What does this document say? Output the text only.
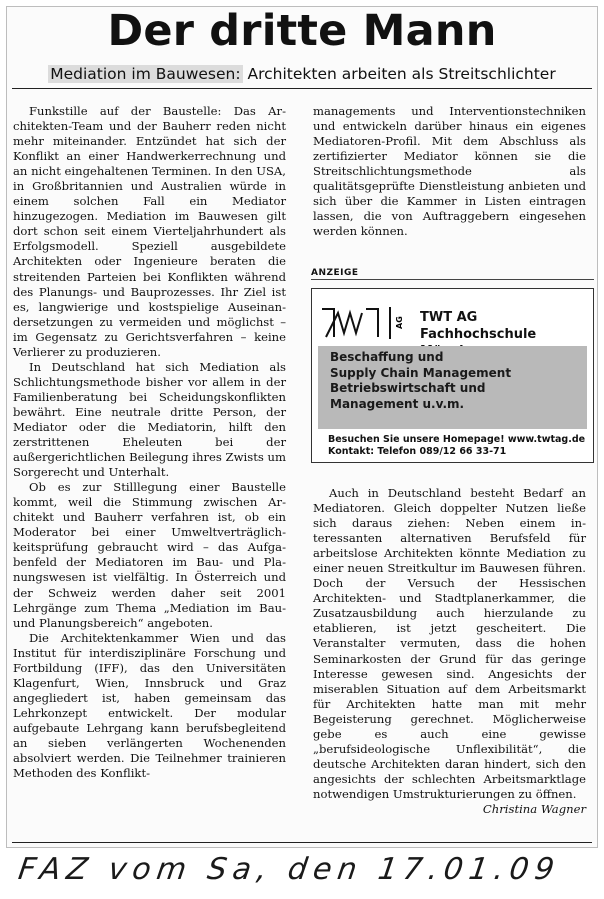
Der dritte Mann
Mediation im Bauwesen: Architekten arbeiten als Streitschlichter

Funkstille auf der Baustelle: Das Architekten-Team und der Bauherr reden nicht mehr miteinander. Entzündet hat sich der Konflikt an einer Handwerkerrechnung und an nicht eingehaltenen Terminen. In den USA, in Großbritannien und Australien würde in einem solchen Fall ein Mediator hinzugezogen. Mediation im Bauwesen gilt dort schon seit einem Vierteljahrhundert als Erfolgsmodell. Speziell ausgebildete Architekten oder Ingenieure beraten die streitenden Parteien bei Konflikten während des Planungs- und Bauprozesses. Ihr Ziel ist es, langwierige und kostspielige Auseinandersetzungen zu vermeiden und möglichst – im Gegensatz zu Gerichtsverfahren – keine Verlierer zu produzieren.

In Deutschland hat sich Mediation als Schlichtungsmethode bisher vor allem in der Familienberatung bei Scheidungskonflikten bewährt. Eine neutrale dritte Person, der Mediator oder die Mediatorin, hilft den zerstrittenen Eheleuten bei der außergerichtlichen Beilegung ihres Zwists um Sorgerecht und Unterhalt.

Ob es zur Stilllegung einer Baustelle kommt, weil die Stimmung zwischen Architekt und Bauherr verfahren ist, ob ein Moderator bei einer Umweltverträglichkeitsprüfung gebraucht wird – das Aufgabenfeld der Mediatoren im Bau- und Planungswesen ist vielfältig. In Österreich und der Schweiz werden daher seit 2001 Lehrgänge zum Thema „Mediation im Bau- und Planungsbereich“ angeboten.

Die Architektenkammer Wien und das Institut für interdisziplinäre Forschung und Fortbildung (IFF), das den Universitäten Klagenfurt, Wien, Innsbruck und Graz angegliedert ist, haben gemeinsam das Lehrkonzept entwickelt. Der modular aufgebaute Lehrgang kann berufsbegleitend an sieben verlängerten Wochenenden absolviert werden. Die Teilnehmer trainieren Methoden des Konflikt-

managements und Interventionstechniken und entwickeln darüber hinaus ein eigenes Mediatoren-Profil. Mit dem Abschluss als zertifizierter Mediator können sie die Streitschlichtungsmethode als qualitätsgeprüfte Dienstleistung anbieten und sich über die Kammer in Listen eintragen lassen, die von Auftraggebern eingesehen werden können.

ANZEIGE
AG TWT AG
Fachhochschule
Beschaffung und
Supply Chain Management
Betriebswirtschaft und
Management u.v.m.
Besuchen Sie unsere Homepage! www.twtag.de
Kontakt: Telefon 089/12 66 33-71

Auch in Deutschland besteht Bedarf an Mediatoren. Gleich doppelter Nutzen ließe sich daraus ziehen: Neben einem interessanten alternativen Berufsfeld für arbeitslose Architekten könnte Mediation zu einer neuen Streitkultur im Bauwesen führen. Doch der Versuch der Hessischen Architekten- und Stadtplanerkammer, die Zusatzausbildung auch hierzulande zu etablieren, ist jetzt gescheitert. Die Veranstalter vermuten, dass die hohen Seminarkosten der Grund für das geringe Interesse gewesen sind. Angesichts der miserablen Situation auf dem Arbeitsmarkt für Architekten hatte man mit mehr Begeisterung gerechnet. Möglicherweise gebe es auch eine gewisse „berufsideologische Unflexibilität“, die deutsche Architekten daran hindert, sich den angesichts der schlechten Arbeitsmarktlage notwendigen Umstrukturierungen zu öffnen.
Christina Wagner

FAZ vom Sa, den 17.01.09
